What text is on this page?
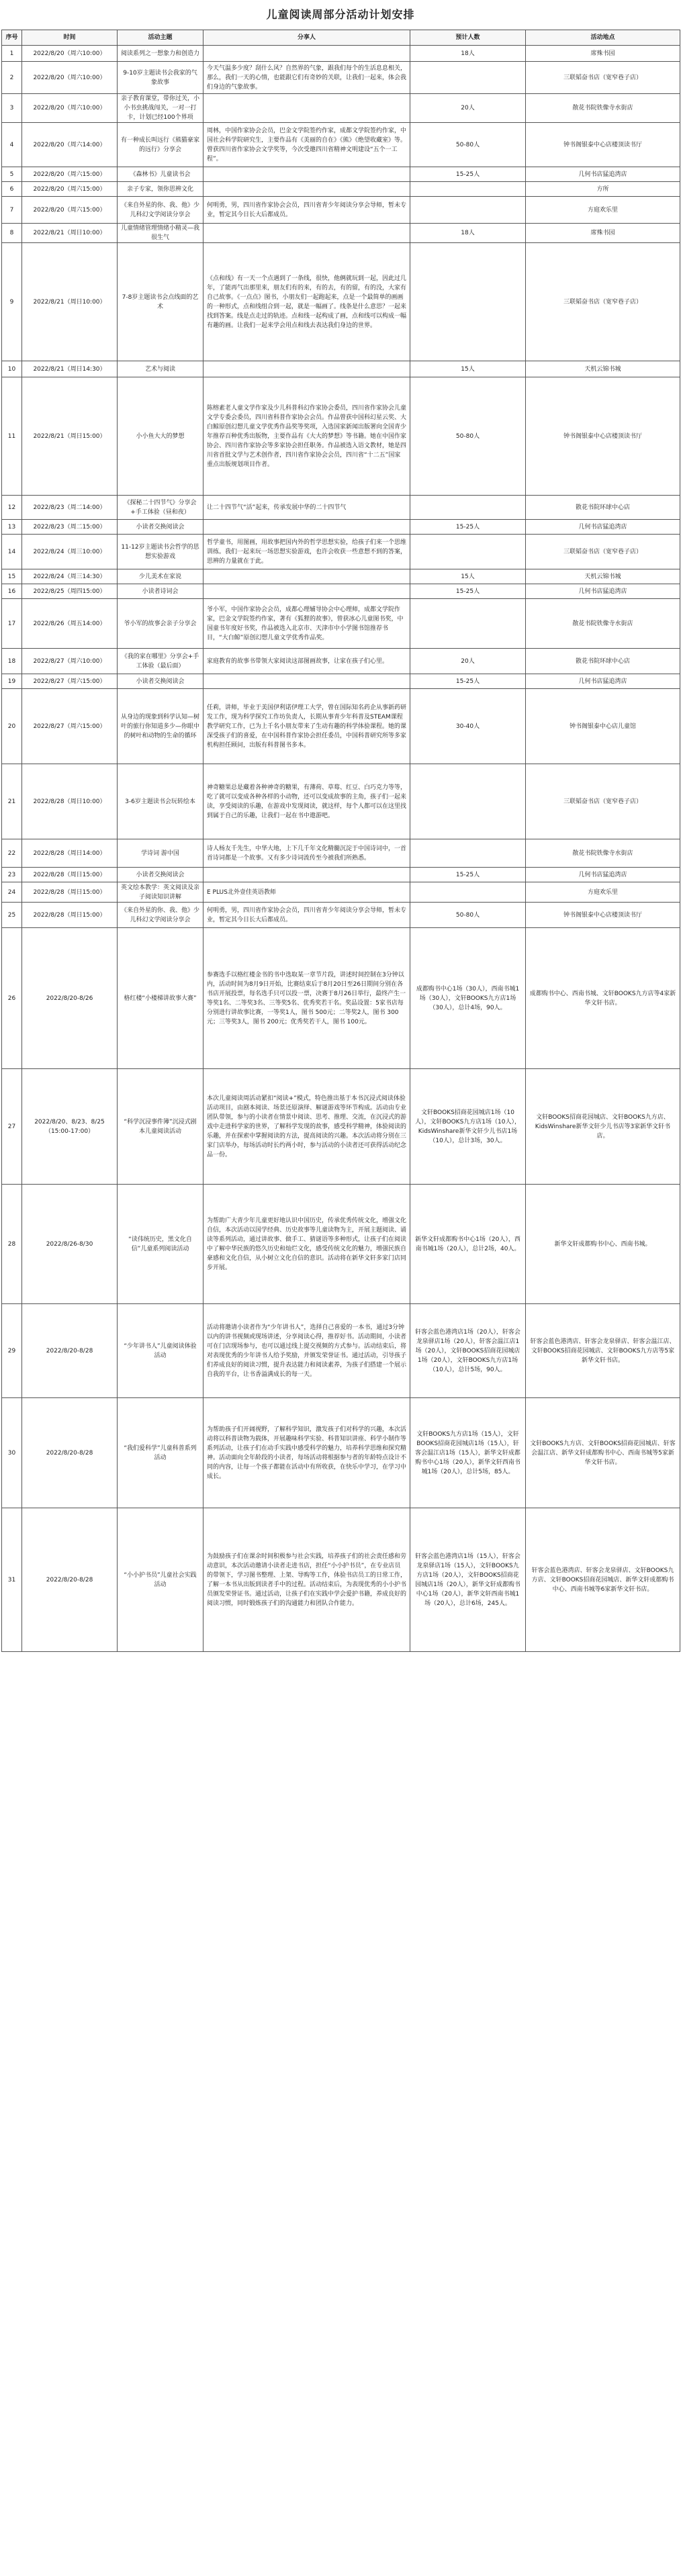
儿童阅读周部分活动计划安排
序号	时间	活动主题	分享人	预计人数	活动地点
1	2022/8/20（周六10:00）	阅读系列之一想象力和创造力		18人	席殊书园
2	2022/8/20（周六10:00）	9-10岁主题读书会我家的气象故事	今天气温多少度？刮什么风？自然界的气象，跟我们每个的生活息息相关，那么，我们一天的心情，也能跟它们有奇妙的关联，让我们一起来，体会我们身边的气象故事。		三联韬奋书店（宽窄巷子店）
3	2022/8/20（周六10:00）	亲子教育课堂，带你过关，小小书虫挑战闯关，一对一打卡，计划已经100个界项		20人	散花书院铁像寺水街店
4	2022/8/20（周六14:00）	有一种成长叫远行《熊猫豪家的远行》分享会	周林，中国作家协会会员，巴金文学院签约作家，成都文学院签约作家，中国社会科学院研究生，主要作品有《美丽的自在》《熊》《绝望收藏室》等。曾获四川省作家协会文学奖等，今次受邀四川省精神文明建设“五个一工程”。	50-80人	钟书阁银泰中心店楼顶读书厅
5	2022/8/20（周六15:00）	《森林书》儿童读书会		15-25人	几何书店猛追湾店
6	2022/8/20（周六15:00）	亲子专家，领你思辨文化			方所
7	2022/8/20（周六15:00）	《来自外星的你、我、他》少儿科幻文学阅读分享会	何明勇，男，四川省作家协会会员，四川省青少年阅读分享会导师，暂未专业，暂定其今日长大后都成员。		方庭欢乐里
8	2022/8/21（周日10:00）	儿童情绪管理情绪小精灵—我很生气		18人	席殊书园
9	2022/8/21（周日10:00）	7-8岁主题读书会点线面的艺术	《点和线》有一天一个点遇到了一条线，很快，他俩就玩到一起，因此过几年，了能再气出那里来，朋友们有的来，有的去，有的留，有的没，大家有自己故事。《一点点》图书，小朋友们一起跑起来，点是一个最简单的画画的一种形式，点和线组合到一起，就是一幅画了。线条是什么意思？一起来找到答案。线是点走过的轨迹。点和线一起构成了画，点和线可以构成一幅有趣的画。让我们一起来学会用点和线去表达我们身边的世界。		三联韬奋书店（宽窄巷子店）
10	2022/8/21（周日14:30）	艺术与阅读		15人	天机云锦书城
11	2022/8/21（周日15:00）	小小鱼大大的梦想	陈榕素老人童文学作家及少儿科普科幻作家协会委员，四川省作家协会儿童文学专委会委员，四川省科普作家协会会员。作品曾获中国科幻星云奖、大白鲸原创幻想儿童文学优秀作品奖等奖项，入选国家新闻出版署向全国青少年推荐百种优秀出版物，主要作品有《大大的梦想》等书籍。她在中国作家协会、四川省作家协会等多家协会担任职务。作品被选入语文教材，她是四川省首批文学与艺术创作者，四川省作家协会会员，四川省“十二五”国家重点出版规划项目作者。	50-80人	钟书阁银泰中心店楼顶读书厅
12	2022/8/23（周二14:00）	《探秘二十四节气》分享会+手工体验（昼和夜）	让二十四节气“活”起来，传承发展中华的二十四节气		散花书院环球中心店
13	2022/8/23（周二15:00）	小读者交换阅读会		15-25人	几何书店猛追湾店
14	2022/8/24（周三10:00）	11-12岁主题读书会哲学的思想实验游戏	哲学童书，用图画，用故事把国内外的哲学思想实验，给孩子们来一个思维训练。我们一起来玩一场思想实验游戏，也许会收获一些意想不到的答案，思辨的力量就在于此。		三联韬奋书店（宽窄巷子店）
15	2022/8/24（周三14:30）	少儿美术在家说		15人	天机云锦书城
16	2022/8/25（周四15:00）	小读者诗词会		15-25人	几何书店猛追湾店
17	2022/8/26（周五14:00）	爷小军的故事会亲子分享会	爷小军，中国作家协会会员，成都心理辅导协会中心理师，成都文学院作家，巴金文学院签约作家，著有《狐狸的故事》，曾获冰心儿童图书奖，中国童书年度好书奖，作品被选入北京市、天津市中小学图书馆推荐书目，“大白鲸”原创幻想儿童文学优秀作品奖。		散花书院铁像寺水街店
18	2022/8/27（周六10:00）	《我的家在哪里》分享会+手工体验（最后面）	家庭教育的故事书带领大家阅读这部图画故事，让家在孩子们心里。	20人	散花书院环球中心店
19	2022/8/27（周六15:00）	小读者交换阅读会		15-25人	几何书店猛追湾店
20	2022/8/27（周六15:00）	从身边的现象到科学认知—树叶的旅行你知道多少—你眼中的树叶和动物的生命的循环	任莉，讲师，毕业于美国伊利诺伊理工大学，曾在国际知名药企从事新药研发工作，现为科学探究工作坊负责人，长期从事青少年科普及STEAM课程教学研究工作，已为上千名小朋友带来了生动有趣的科学体验课程。她的课深受孩子们的喜爱，在中国科普作家协会担任委员，中国科普研究所等多家机构担任顾问，出版有科普图书多本。	30-40人	钟书阁银泰中心店儿童馆
21	2022/8/28（周日10:00）	3-6岁主题读书会玩转绘本	神奇糖果总是藏着各种神奇的糖果，有薄荷、草莓、红豆、白巧克力等等，吃了就可以变成各种各样的小动物，还可以变成故事的主角，孩子们一起来读，享受阅读的乐趣，在游戏中发现阅读，就这样，每个人都可以在这里找到属于自己的乐趣，让我们一起在书中遨游吧。		三联韬奋书店（宽窄巷子店）
22	2022/8/28（周日14:00）	学诗词 游中国	诗人杨友千先生，中华大地，上下几千年文化精髓沉淀于中国诗词中，一首首诗词都是一个故事。又有多少诗词流传至今被我们所熟悉。		散花书院铁像寺水街店
23	2022/8/28（周日15:00）	小读者交换阅读会		15-25人	几何书店猛追湾店
24	2022/8/28（周日15:00）	英文绘本教学：英文阅读及亲子阅读知识讲解	E PLUS北外壹佳英语教师		方庭欢乐里
25	2022/8/28（周日15:00）	《来自外星的你、我、他》少儿科幻文学阅读分享会	何明勇，男，四川省作家协会会员，四川省青少年阅读分享会导师，暂未专业，暂定其今日长大后都成员。	50-80人	钟书阁银泰中心店楼顶读书厅
26	2022/8/20-8/26	格红楼“小楼梯讲故事大赛”	参赛选手以格红楼金书的书中选取某一章节片段，讲述时间控制在3分钟以内，活动时间为8月9日开始，比赛结束后于8月20日至26日期间分别在各书店开展投票，每名选手只可以投一票，决赛于8月26日举行，最终产生一等奖1名、二等奖3名、三等奖5名、优秀奖若干名。奖品设置：5家书店每分别进行讲故事比赛，一等奖1人，图书 500元；二等奖2人，图书 300元；三等奖3人，图书 200元；优秀奖若干人，图书 100元。	成都购书中心1场（30人），西南书城1场（30人），文轩BOOKS九方店1场（30人），总计4场，90人。	成都购书中心、西南书城、文轩BOOKS九方店等4家新华文轩书店。
27	2022/8/20、8/23、8/25（15:00-17:00）	“科学沉浸事件簿”沉浸式剧本儿童阅读活动	本次儿童阅读周活动紧扣“阅读+”模式，特色推出基于本书沉浸式阅读体验活动项目，由剧本阅读、场景还原演绎、解谜游戏等环节构成。活动由专业团队带领，参与的小读者在情景中阅读、思考、推理、交流，在沉浸式的游戏中走进科学家的世界，了解科学发现的故事，感受科学精神，体验阅读的乐趣，并在探索中掌握阅读的方法，提高阅读的兴趣。本次活动将分别在三家门店举办，每场活动时长约两小时，参与活动的小读者还可获得活动纪念品一份。	文轩BOOKS招商花园城店1场（10人），文轩BOOKS九方店1场（10人），KidsWinshare新华文轩少儿书店1场（10人），总计3场，30人。	文轩BOOKS招商花园城店、文轩BOOKS九方店、KidsWinshare新华文轩少儿书店等3家新华文轩书店。
28	2022/8/26-8/30	“读伟统历史，黑文化自信”儿童系列阅读活动	为帮助广大青少年儿童更好地认识中国历史，传承优秀传统文化，增强文化自信，本次活动以国学经典、历史故事等儿童读物为主，开展主题阅读、诵读等系列活动，通过讲故事、做手工、猜谜语等多种形式，让孩子们在阅读中了解中华民族的悠久历史和灿烂文化，感受传统文化的魅力，增强民族自豪感和文化自信，从小树立文化自信的意识。活动将在新华文轩多家门店同步开展。	新华文轩成都购书中心1场（20人），西南书城1场（20人），总计2场，40人。	新华文轩成都购书中心、西南书城。
29	2022/8/20-8/28	“少年讲书人”儿童阅读体验活动	活动将邀请小读者作为“少年讲书人”，选择自己喜爱的一本书，通过3分钟以内的讲书视频或现场讲述，分享阅读心得，推荐好书。活动期间，小读者可在门店现场参与，也可以通过线上提交视频的方式参与。活动结束后，将对表现优秀的少年讲书人给予奖励，并颁发荣誉证书。通过活动，引导孩子们养成良好的阅读习惯，提升表达能力和阅读素养，为孩子们搭建一个展示自我的平台，让书香溢满成长的每一天。	轩客会蓝色港湾店1场（20人），轩客会龙泉驿店1场（20人），轩客会温江店1场（20人），文轩BOOKS招商花园城店1场（20人），文轩BOOKS九方店1场（10人），总计5场，90人。	轩客会蓝色港湾店、轩客会龙泉驿店、轩客会温江店、文轩BOOKS招商花园城店、文轩BOOKS九方店等5家新华文轩书店。
30	2022/8/20-8/28	“我们爱科学”儿童科普系列活动	为帮助孩子们开阔视野，了解科学知识，激发孩子们对科学的兴趣，本次活动将以科普读物为载体，开展趣味科学实验、科普知识讲座、科学小制作等系列活动，让孩子们在动手实践中感受科学的魅力，培养科学思维和探究精神。活动面向全年龄段的小读者，每场活动将根据参与者的年龄特点设计不同的内容，让每一个孩子都能在活动中有所收获，在快乐中学习，在学习中成长。	文轩BOOKS九方店1场（15人），文轩BOOKS招商花园城店1场（15人），轩客会温江店1场（15人），新华文轩成都购书中心1场（20人），新华文轩西南书城1场（20人），总计5场，85人。	文轩BOOKS九方店、文轩BOOKS招商花园城店、轩客会温江店、新华文轩成都购书中心、西南书城等5家新华文轩书店。
31	2022/8/20-8/28	“小小护书员”儿童社会实践活动	为鼓励孩子们在课余时间积极参与社会实践，培养孩子们的社会责任感和劳动意识，本次活动邀请小读者走进书店，担任“小小护书员”，在专业店员的带领下，学习图书整理、上架、导购等工作，体验书店员工的日常工作，了解一本书从出版到读者手中的过程。活动结束后，为表现优秀的小小护书员颁发荣誉证书。通过活动，让孩子们在实践中学会爱护书籍，养成良好的阅读习惯，同时锻炼孩子们的沟通能力和团队合作能力。	轩客会蓝色港湾店1场（15人），轩客会龙泉驿店1场（15人），文轩BOOKS九方店1场（20人），文轩BOOKS招商花园城店1场（20人），新华文轩成都购书中心1场（20人），新华文轩西南书城1场（20人），总计6场，245人。	轩客会蓝色港湾店、轩客会龙泉驿店、文轩BOOKS九方店、文轩BOOKS招商花园城店、新华文轩成都购书中心、西南书城等6家新华文轩书店。
